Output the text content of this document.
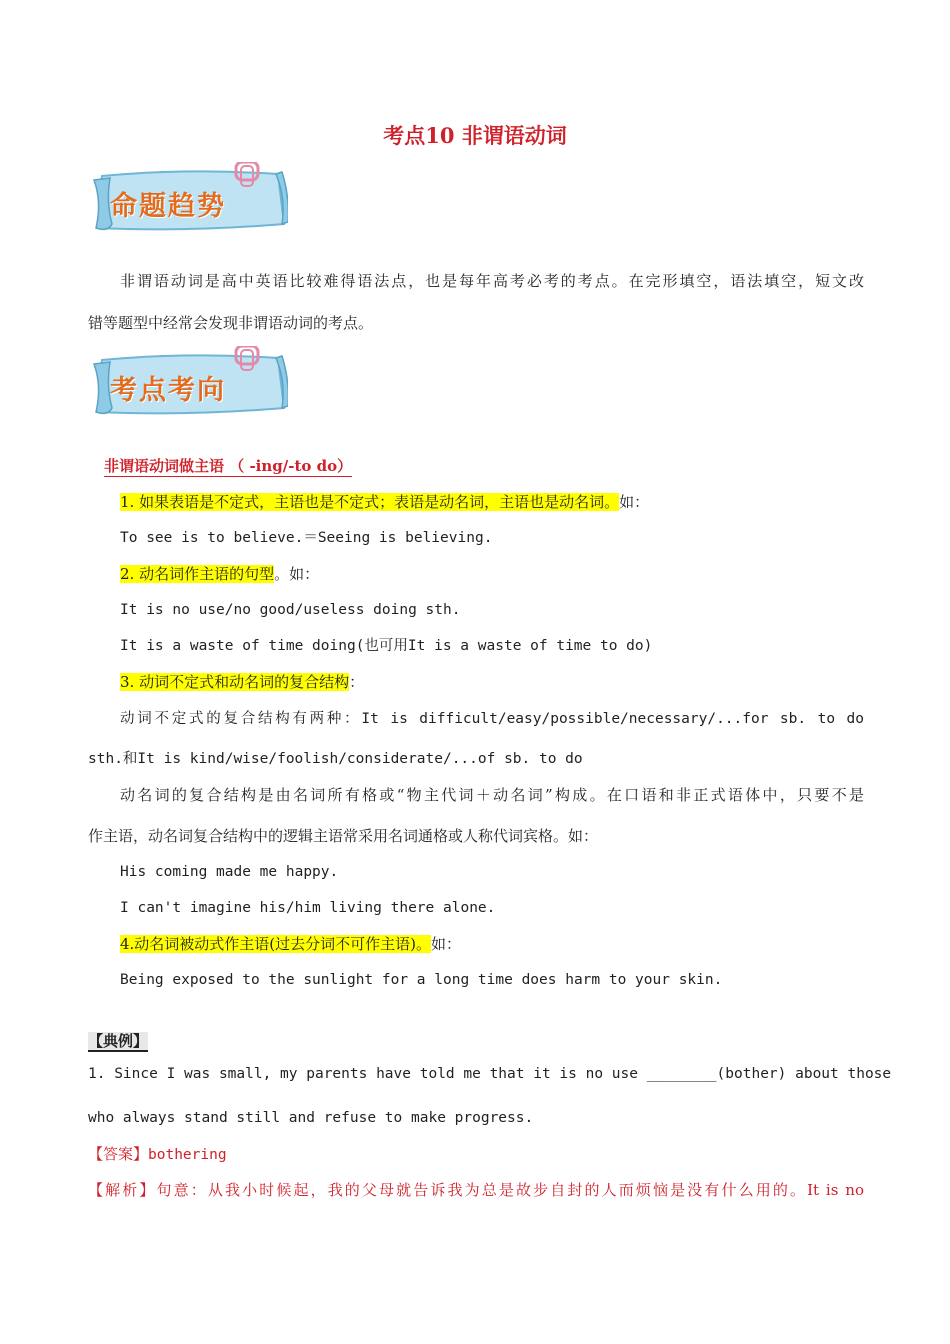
考点10 非谓语动词
命题趋势
非谓语动词是高中英语比较难得语法点，也是每年高考必考的考点。在完形填空，语法填空，短文改
错等题型中经常会发现非谓语动词的考点。
考点考向
非谓语动词做主语 （ -ing/-to do）
1. 如果表语是不定式，主语也是不定式；表语是动名词，主语也是动名词。如：
To see is to believe.＝Seeing is believing.
2. 动名词作主语的句型。如：
It is no use/no good/useless doing sth.
It is a waste of time doing(也可用It is a waste of time to do)
3. 动词不定式和动名词的复合结构：
动词不定式的复合结构有两种：It is difficult/easy/possible/necessary/...for sb. to do
sth.和It is kind/wise/foolish/considerate/...of sb. to do
动名词的复合结构是由名词所有格或“物主代词＋动名词”构成。在口语和非正式语体中，只要不是
作主语，动名词复合结构中的逻辑主语常采用名词通格或人称代词宾格。如：
His coming made me happy.
I can't imagine his/him living there alone.
4.动名词被动式作主语(过去分词不可作主语)。如：
Being exposed to the sunlight for a long time does harm to your skin.
【典例】
1. Since I was small, my parents have told me that it is no use ________(bother) about those
who always stand still and refuse to make progress.
【答案】bothering
【解析】句意：从我小时候起，我的父母就告诉我为总是故步自封的人而烦恼是没有什么用的。It is no
